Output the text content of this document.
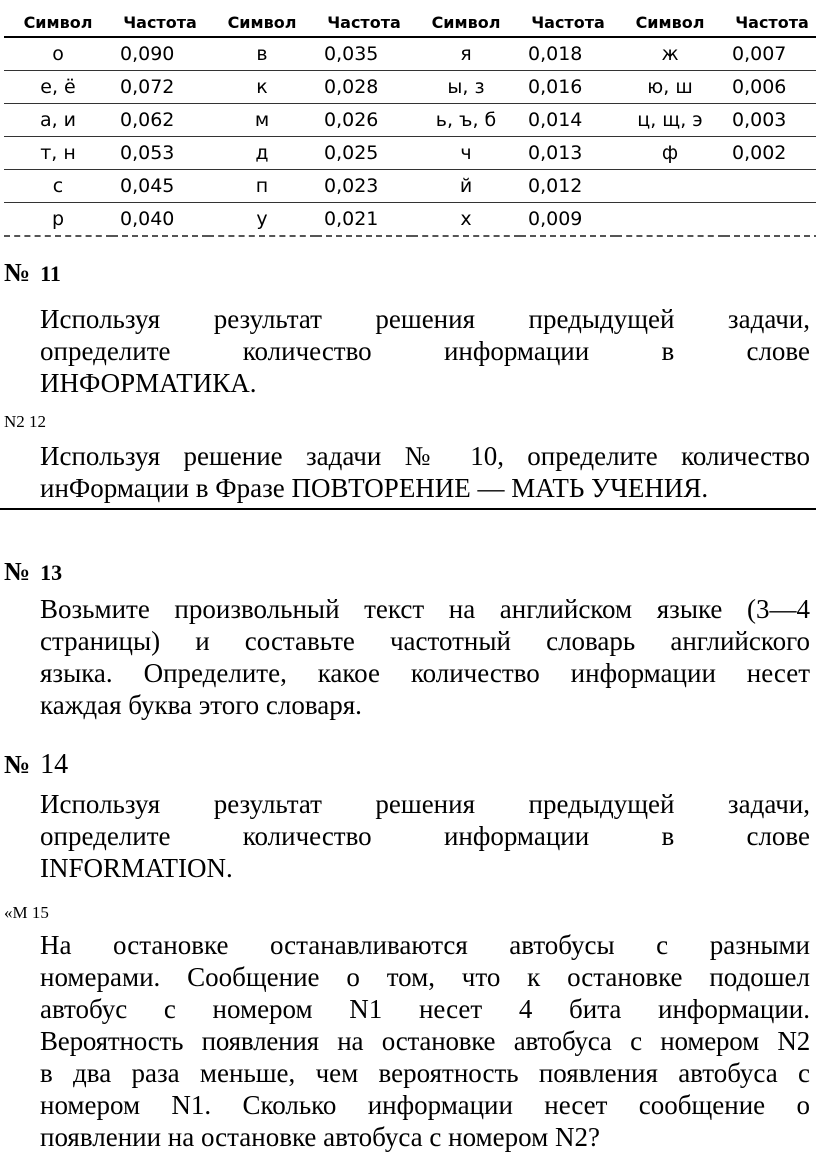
Символ	Частота	Символ	Частота	Символ	Частота	Символ	Частота
о	0,090	в	0,035	я	0,018	ж	0,007
е, ё	0,072	к	0,028	ы, з	0,016	ю, ш	0,006
а, и	0,062	м	0,026	ь, ъ, б	0,014	ц, щ, э	0,003
т, н	0,053	д	0,025	ч	0,013	ф	0,002
с	0,045	п	0,023	й	0,012		
р	0,040	у	0,021	х	0,009		
№ 11
Используя результат решения предыдущей задачи,
определите количество информации в слове
ИНФОРМАТИКА.
N2 12
Используя решение задачи № 10, определите количество
инФормации в Фразе ПОВТОРЕНИЕ — МАТЬ УЧЕНИЯ.
№ 13
Возьмите произвольный текст на английском языке (3—4
страницы) и составьте частотный словарь английского
языка. Определите, какое количество информации несет
каждая буква этого словаря.
№ 14
Используя результат решения предыдущей задачи,
определите количество информации в слове
INFORMATION.
«М 15
На остановке останавливаются автобусы с разными
номерами. Сообщение о том, что к остановке подошел
автобус с номером N1 несет 4 бита информации.
Вероятность появления на остановке автобуса с номером N2
в два раза меньше, чем вероятность появления автобуса с
номером N1. Сколько информации несет сообщение о
появлении на остановке автобуса с номером N2?
